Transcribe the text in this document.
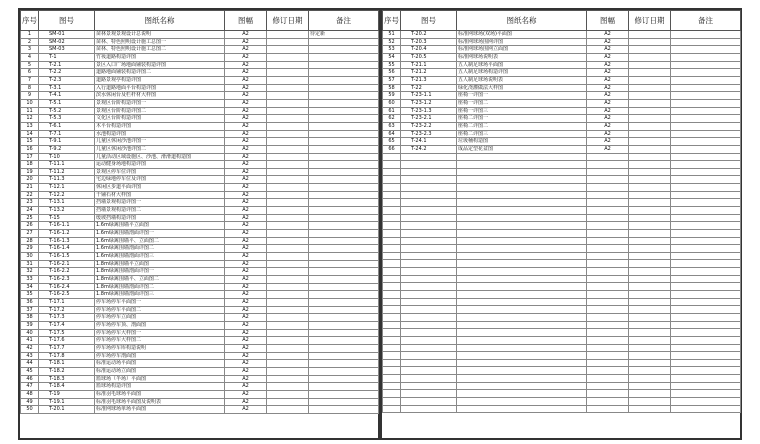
序号	图号	图纸名称	图幅	修订日期	备注
1	SM-01	苗林景观景观设计总说明	A2		待定新
2	SM-02	苗林、特色照明设计施工总图一	A2		
3	SM-03	苗林、特色照明设计施工总图二	A2		
4	T-1	竹筏道路构造详图	A2		
5	T-2.1	景区入口广场地面铺装构造详图	A2		
6	T-2.2	道路地面铺装构造详图二	A2		
7	T-2.3	道路景观亭构造详图	A2		
8	T-3.1	入行道路地面平台构造详图	A2		
9	T-4.1	滨水休闲台及栏杆材大样图	A2		
10	T-5.1	景观区台阶构造详图一	A2		
11	T-5.2	景观区台阶构造详图二	A2		
12	T-5.3	文化区台阶构造详图	A2		
13	T-6.1	木平台构造详图	A2		
14	T-7.1	水池构造详图	A2		
15	T-9.1	儿童区休闲沙池详图一	A2		
16	T-9.2	儿童区休闲沙池详图二	A2		
17	T-10	儿童活动区域设施区、沙池、滑滑道构造图	A2		
18	T-11.1	运动健身场地构造详图	A2		
19	T-11.2	景观区停车位详图	A2		
20	T-11.3	宅边绿地停车位及详图	A2		
21	T-12.1	休闲区步道平面详图	A2		
22	T-12.2	干铺石材大样图	A2		
23	T-13.1	挡墙景观构造详图一	A2		
24	T-13.2	挡墙景观构造详图二	A2		
25	T-15	缓坡挡墙构造详图	A2		
26	T-16-1.1	1.6m绿篱围墙平立面图	A2		
27	T-16-1.2	1.6m绿篱围墙剖面详图一	A2		
28	T-16-1.3	1.6m绿篱围墙平、立面图二	A2		
29	T-16-1.4	1.6m绿篱围墙剖面详图二	A2		
30	T-16-1.5	1.6m绿篱围墙剖面详图三	A2		
31	T-16-2.1	1.8m绿篱围墙平立面图	A2		
32	T-16-2.2	1.8m绿篱围墙剖面详图一	A2		
33	T-16-2.3	1.8m绿篱围墙平、立面图二	A2		
34	T-16-2.4	1.8m绿篱围墙剖面详图二	A2		
35	T-16-2.5	1.8m绿篱围墙剖面详图三	A2		
36	T-17.1	停车场停车平面图一	A2		
37	T-17.2	停车场停车平面图二	A2		
38	T-17.3	停车场停车立面图	A2		
39	T-17.4	停车场停车顶、剖面图	A2		
40	T-17.5	停车场停车大样图一	A2		
41	T-17.6	停车场停车大样图二	A2		
42	T-17.7	停车场停车库构造说明	A2		
43	T-17.8	停车场停车剖面图	A2		
44	T-18.1	标准运动场平面图	A2		
45	T-18.2	标准运动场立面图	A2		
46	T-18.3	篮球场（半场）平面图	A2		
47	T-18.4	篮球场构造详图	A2		
48	T-19	标准羽毛球场平面图	A2		
49	T-19.1	标准羽毛球场平面图及说明表	A2		
50	T-20.1	标准网球场单场平面图	A2		
序号	图号	图纸名称	图幅	修订日期	备注
51	T-20.2	标准网球场(双场)平面图	A2		
52	T-20.3	标准网球场围网详图	A2		
53	T-20.4	标准网球场围网立面图	A2		
54	T-20.5	标准网球场说明表	A2		
55	T-21.1	五人制足球场平面图	A2		
56	T-21.2	五人制足球场构造详图	A2		
57	T-21.3	五人制足球场说明表	A2		
58	T-22	绿化浇灌做法大样图	A2		
59	T-23-1.1	座椅一详图一	A2		
60	T-23-1.2	座椅一详图二	A2		
61	T-23-1.3	座椅一详图三	A2		
62	T-23-2.1	座椅二详图一	A2		
63	T-23-2.2	座椅二详图二	A2		
64	T-23-2.3	座椅二详图三	A2		
65	T-24.1	垃圾桶构造图	A2		
66	T-24.2	成品定型花盆图	A2		
